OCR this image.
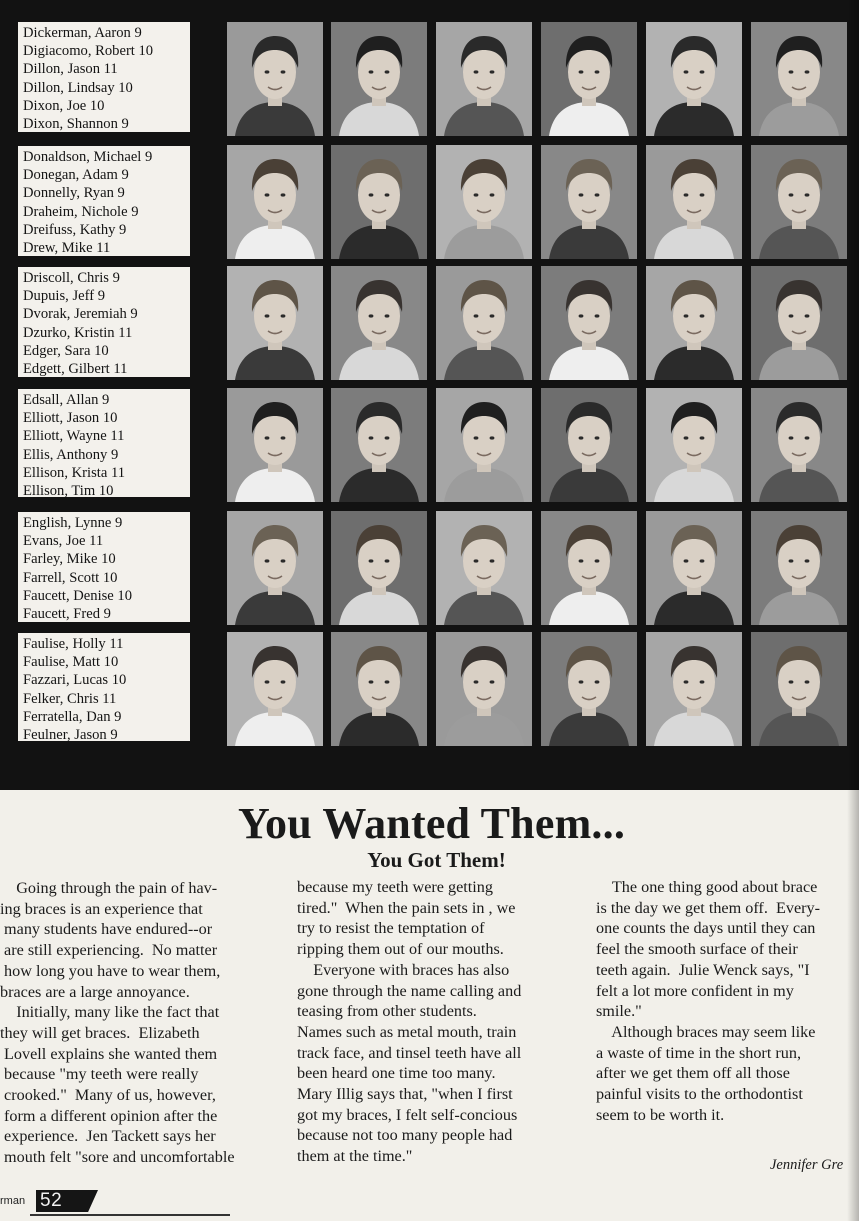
Dickerman, Aaron 9
Digiacomo, Robert 10
Dillon, Jason 11
Dillon, Lindsay 10
Dixon, Joe 10
Dixon, Shannon 9
Donaldson, Michael 9
Donegan, Adam 9
Donnelly, Ryan 9
Draheim, Nichole 9
Dreifuss, Kathy 9
Drew, Mike 11
Driscoll, Chris 9
Dupuis, Jeff 9
Dvorak, Jeremiah 9
Dzurko, Kristin 11
Edger, Sara 10
Edgett, Gilbert 11
Edsall, Allan 9
Elliott, Jason 10
Elliott, Wayne 11
Ellis, Anthony 9
Ellison, Krista 11
Ellison, Tim 10
English, Lynne 9
Evans, Joe 11
Farley, Mike 10
Farrell, Scott 10
Faucett, Denise 10
Faucett, Fred 9
Faulise, Holly 11
Faulise, Matt 10
Fazzari, Lucas 10
Felker, Chris 11
Ferratella, Dan 9
Feulner, Jason 9
You Wanted Them...
You Got Them!
Going through the pain of hav-
ing braces is an experience that
many students have endured--or
are still experiencing.  No matter
how long you have to wear them,
braces are a large annoyance.
Initially, many like the fact that
they will get braces.  Elizabeth
Lovell explains she wanted them
because "my teeth were really
crooked."  Many of us, however,
form a different opinion after the
experience.  Jen Tackett says her
mouth felt "sore and uncomfortable
because my teeth were getting
tired."  When the pain sets in , we
try to resist the temptation of
ripping them out of our mouths.
Everyone with braces has also
gone through the name calling and
teasing from other students.
Names such as metal mouth, train
track face, and tinsel teeth have all
been heard one time too many.
Mary Illig says that, "when I first
got my braces, I felt self-concious
because not too many people had
them at the time."
The one thing good about brace
is the day we get them off.  Every-
one counts the days until they can
feel the smooth surface of their
teeth again.  Julie Wenck says, "I
felt a lot more confident in my
smile."
Although braces may seem like
a waste of time in the short run,
after we get them off all those
painful visits to the orthodontist
seem to be worth it.
Jennifer Gre
rman 52
